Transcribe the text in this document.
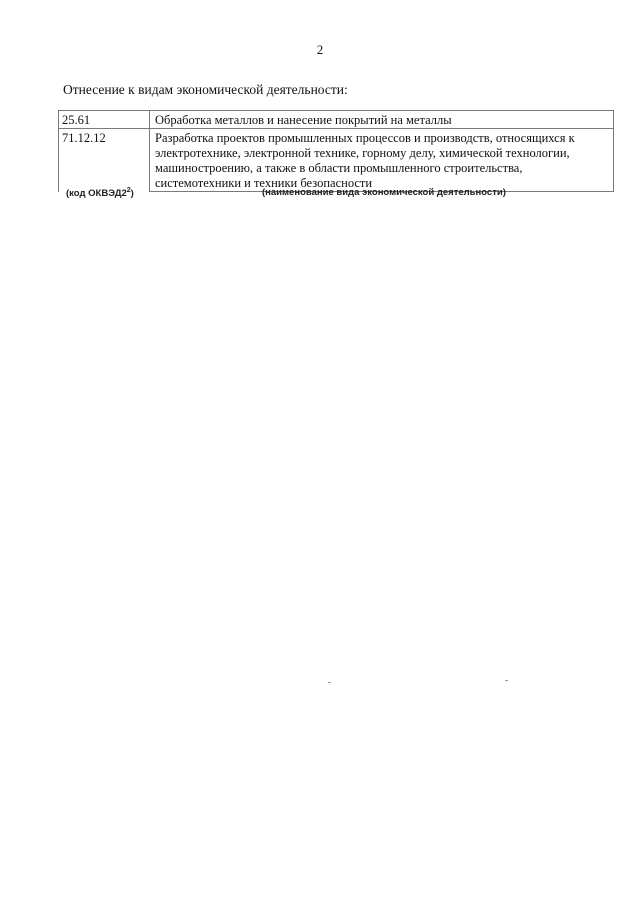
2
Отнесение к видам экономической деятельности:
25.61	Обработка металлов и нанесение покрытий на металлы
71.12.12	Разработка проектов промышленных процессов и производств, относящихся к электротехнике, электронной технике, горному делу, химической технологии, машиностроению, а также в области промышленного строительства, системотехники и техники безопасности
(код $ОКВЭД2^2$)	(наименование вида экономической деятельности)
